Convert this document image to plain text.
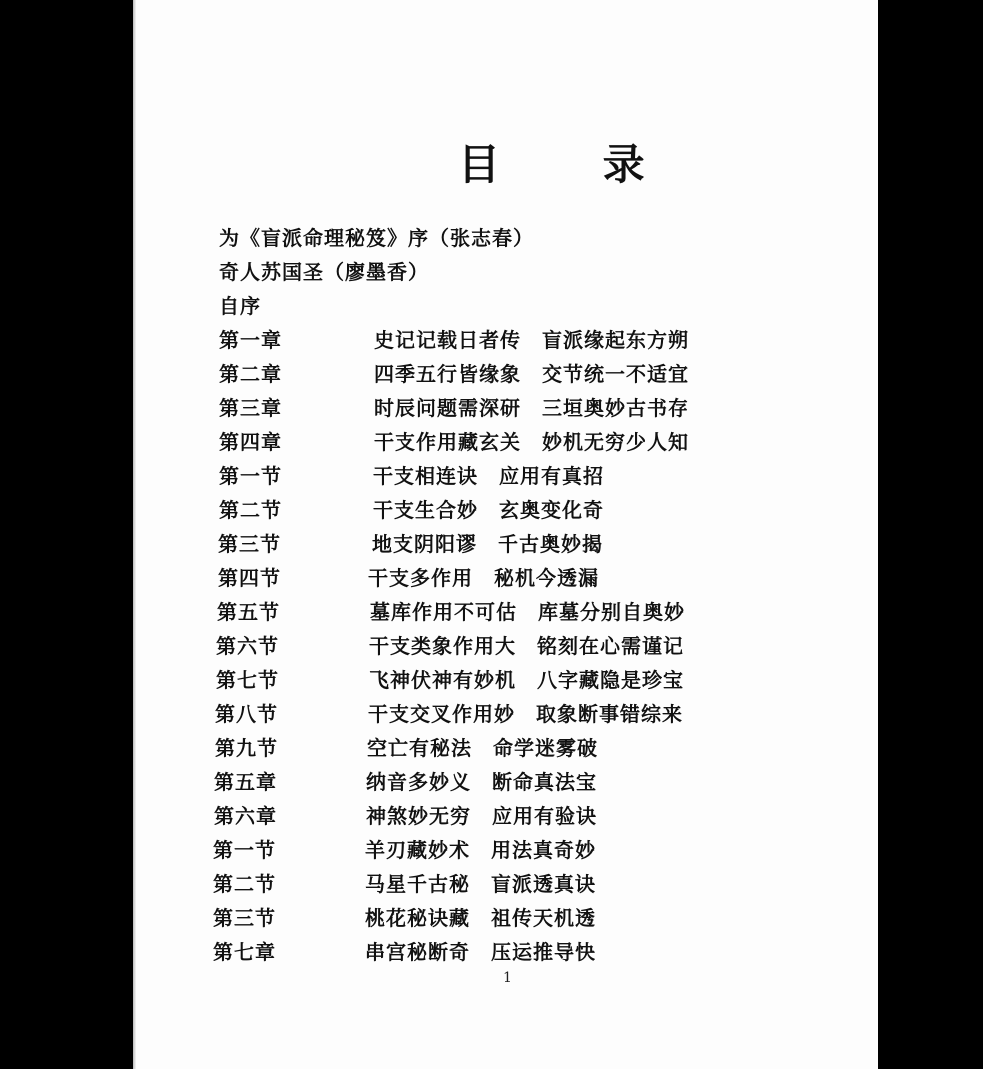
目 录

为《盲派命理秘笈》序（张志春）

奇人苏国圣（廖墨香）

自序

第一章	史记记载日者传　盲派缘起东方朔
第二章	四季五行皆缘象　交节统一不适宜
第三章	时辰问题需深研　三垣奥妙古书存
第四章	干支作用藏玄关　妙机无穷少人知
第一节	干支相连诀　应用有真招
第二节	干支生合妙　玄奥变化奇
第三节	地支阴阳谬　千古奥妙揭
第四节	干支多作用　秘机今透漏
第五节	墓库作用不可估　库墓分别自奥妙
第六节	干支类象作用大　铭刻在心需谨记
第七节	飞神伏神有妙机　八字藏隐是珍宝
第八节	干支交叉作用妙　取象断事错综来
第九节	空亡有秘法　命学迷雾破
第五章	纳音多妙义　断命真法宝
第六章	神煞妙无穷　应用有验诀
第一节	羊刃藏妙术　用法真奇妙
第二节	马星千古秘　盲派透真诀
第三节	桃花秘诀藏　祖传天机透
第七章	串宫秘断奇　压运推导快
1
